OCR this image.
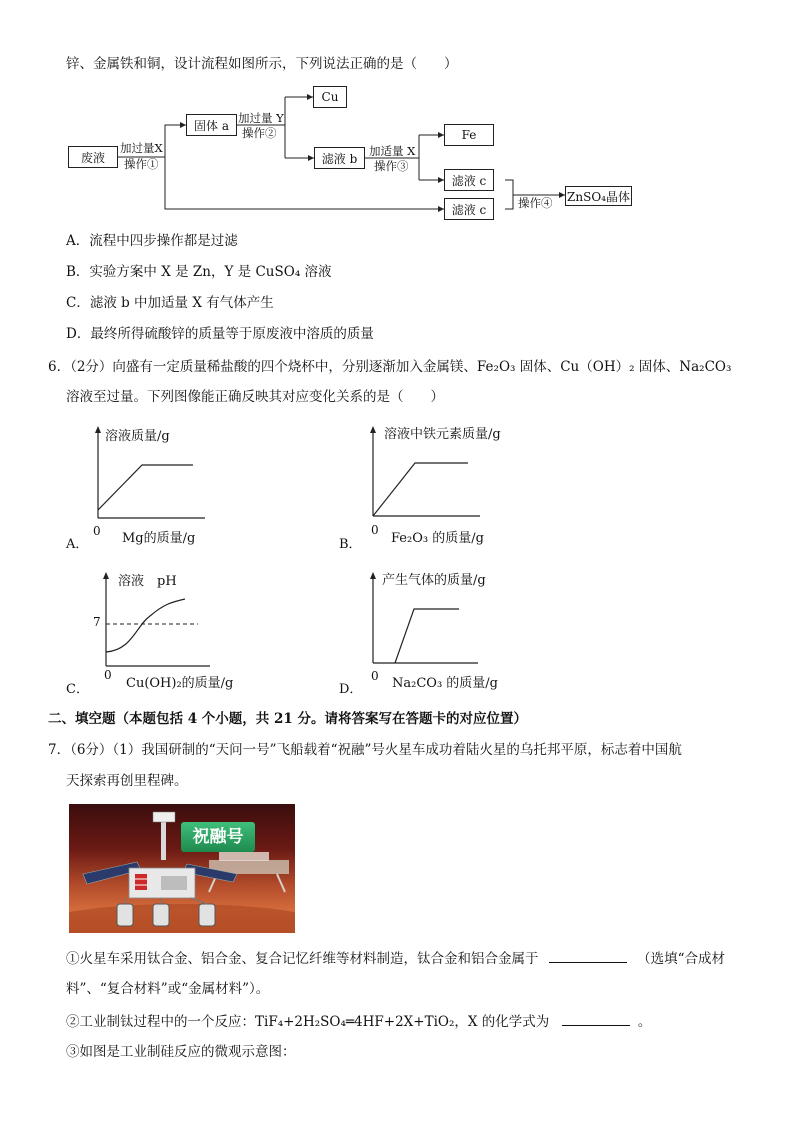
锌、金属铁和铜，设计流程如图所示，下列说法正确的是（　　）
废液
固体 a
Cu
滤液 b
Fe
滤液 c
滤液 c
ZnSO₄晶体
加过量X
操作①
加过量 Y
操作②
加适量 X
操作③
操作④
A．流程中四步操作都是过滤
B．实验方案中 X 是 Zn，Y 是 CuSO₄ 溶液
C．滤液 b 中加适量 X 有气体产生
D．最终所得硫酸锌的质量等于原废液中溶质的质量
6．（2分）向盛有一定质量稀盐酸的四个烧杯中，分别逐渐加入金属镁、Fe₂O₃ 固体、Cu（OH）₂ 固体、Na₂CO₃
溶液至过量。下列图像能正确反映其对应变化关系的是（　　）
溶液质量/g
0 Mg的质量/g
A．
溶液中铁元素质量/g
0
Fe₂O₃ 的质量/g
B．
溶液　pH
7
0
Cu(OH)₂的质量/g
C．
产生气体的质量/g
0 Na₂CO₃ 的质量/g
D．
二、填空题（本题包括 4 个小题，共 21 分。请将答案写在答题卡的对应位置）
7．（6分）（1）我国研制的“天问一号”飞船载着“祝融”号火星车成功着陆火星的乌托邦平原，标志着中国航
天探索再创里程碑。
祝融号
①火星车采用钛合金、铝合金、复合记忆纤维等材料制造，钛合金和铝合金属于	（选填“合成材
料”、“复合材料”或“金属材料”）。
②工业制钛过程中的一个反应：TiF₄+2H₂SO₄═4HF+2X+TiO₂，X 的化学式为	。
③如图是工业制硅反应的微观示意图：
